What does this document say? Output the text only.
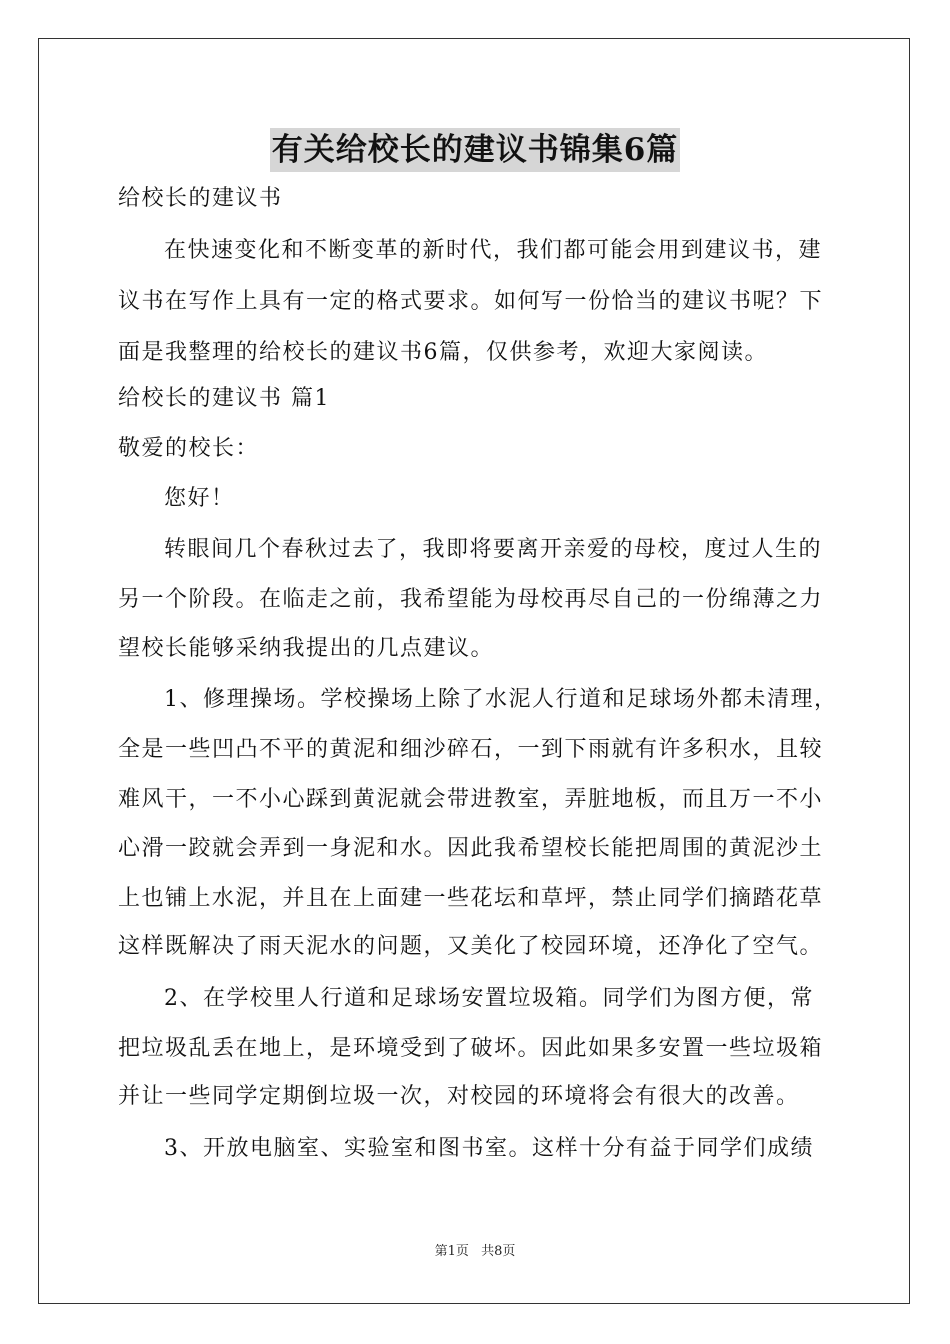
有关给校长的建议书锦集6篇
给校长的建议书
在快速变化和不断变革的新时代，我们都可能会用到建议书，建
议书在写作上具有一定的格式要求。如何写一份恰当的建议书呢？下
面是我整理的给校长的建议书6篇，仅供参考，欢迎大家阅读。
给校长的建议书 篇1
敬爱的校长：
您好！
转眼间几个春秋过去了，我即将要离开亲爱的母校，度过人生的
另一个阶段。在临走之前，我希望能为母校再尽自己的一份绵薄之力
望校长能够采纳我提出的几点建议。
1、修理操场。学校操场上除了水泥人行道和足球场外都未清理，
全是一些凹凸不平的黄泥和细沙碎石，一到下雨就有许多积水，且较
难风干，一不小心踩到黄泥就会带进教室，弄脏地板，而且万一不小
心滑一跤就会弄到一身泥和水。因此我希望校长能把周围的黄泥沙土
上也铺上水泥，并且在上面建一些花坛和草坪，禁止同学们摘踏花草
这样既解决了雨天泥水的问题，又美化了校园环境，还净化了空气。
2、在学校里人行道和足球场安置垃圾箱。同学们为图方便，常
把垃圾乱丢在地上，是环境受到了破坏。因此如果多安置一些垃圾箱
并让一些同学定期倒垃圾一次，对校园的环境将会有很大的改善。
3、开放电脑室、实验室和图书室。这样十分有益于同学们成绩
第1页 共8页
